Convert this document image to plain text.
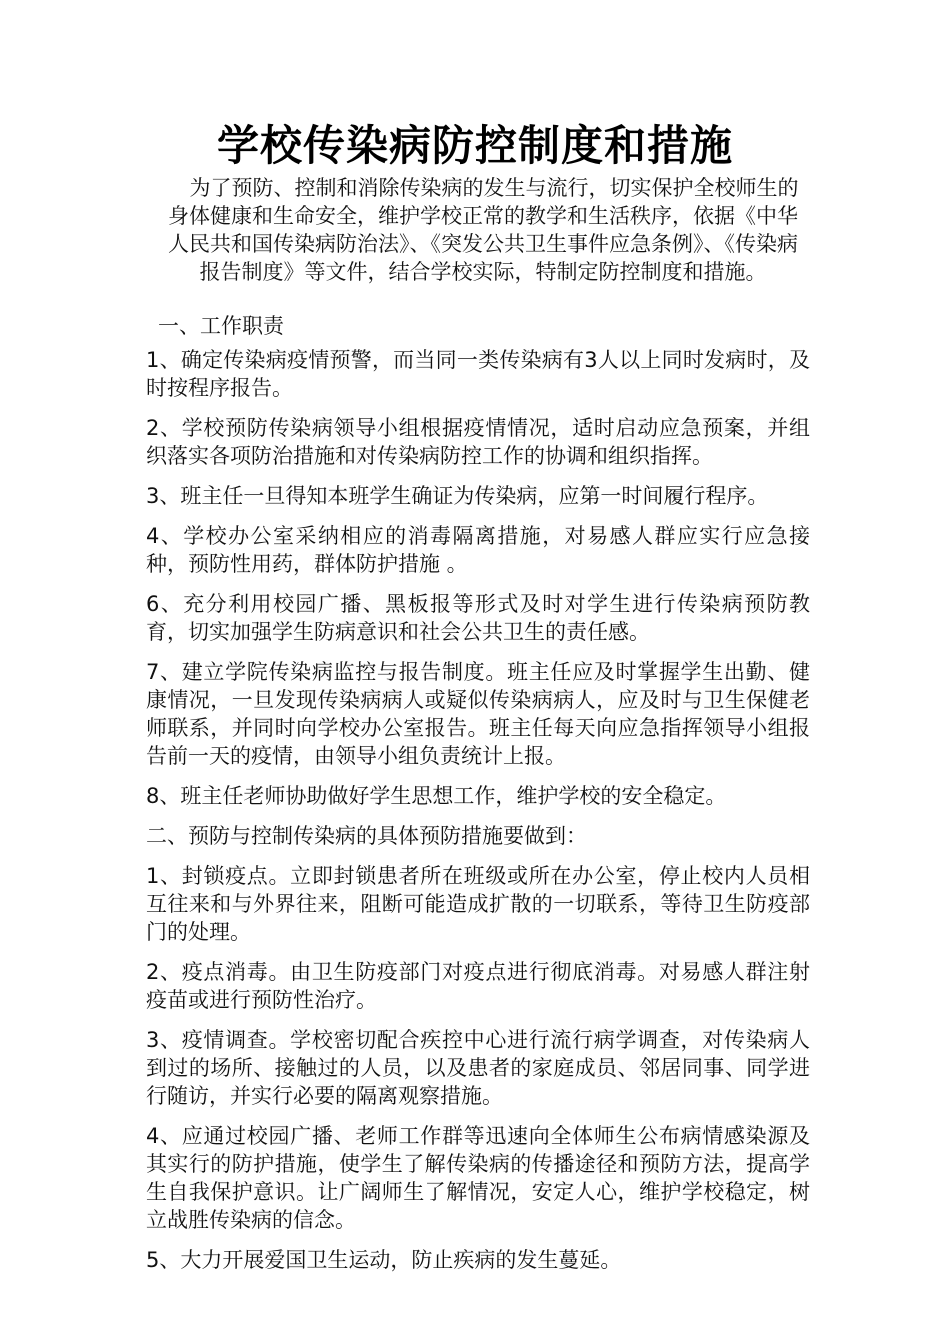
学校传染病防控制度和措施

为了预防、控制和消除传染病的发生与流行，切实保护全校师生的身体健康和生命安全，维护学校正常的教学和生活秩序，依据《中华人民共和国传染病防治法》、《突发公共卫生事件应急条例》、《传染病报告制度》等文件，结合学校实际，特制定防控制度和措施。

一、工作职责

1、确定传染病疫情预警，而当同一类传染病有3人以上同时发病时，及时按程序报告。

2、学校预防传染病领导小组根据疫情情况，适时启动应急预案，并组织落实各项防治措施和对传染病防控工作的协调和组织指挥。

3、班主任一旦得知本班学生确证为传染病，应第一时间履行程序。

4、学校办公室采纳相应的消毒隔离措施，对易感人群应实行应急接种，预防性用药，群体防护措施 。

6、充分利用校园广播、黑板报等形式及时对学生进行传染病预防教育，切实加强学生防病意识和社会公共卫生的责任感。

7、建立学院传染病监控与报告制度。班主任应及时掌握学生出勤、健康情况，一旦发现传染病病人或疑似传染病病人，应及时与卫生保健老师联系，并同时向学校办公室报告。班主任每天向应急指挥领导小组报告前一天的疫情，由领导小组负责统计上报。

8、班主任老师协助做好学生思想工作，维护学校的安全稳定。

二、预防与控制传染病的具体预防措施要做到：

1、封锁疫点。立即封锁患者所在班级或所在办公室，停止校内人员相互往来和与外界往来，阻断可能造成扩散的一切联系，等待卫生防疫部门的处理。

2、疫点消毒。由卫生防疫部门对疫点进行彻底消毒。对易感人群注射疫苗或进行预防性治疗。

3、疫情调查。学校密切配合疾控中心进行流行病学调查，对传染病人到过的场所、接触过的人员，以及患者的家庭成员、邻居同事、同学进行随访，并实行必要的隔离观察措施。

4、应通过校园广播、老师工作群等迅速向全体师生公布病情感染源及其实行的防护措施，使学生了解传染病的传播途径和预防方法，提高学生自我保护意识。让广阔师生了解情况，安定人心，维护学校稳定，树立战胜传染病的信念。

5、大力开展爱国卫生运动，防止疾病的发生蔓延。
